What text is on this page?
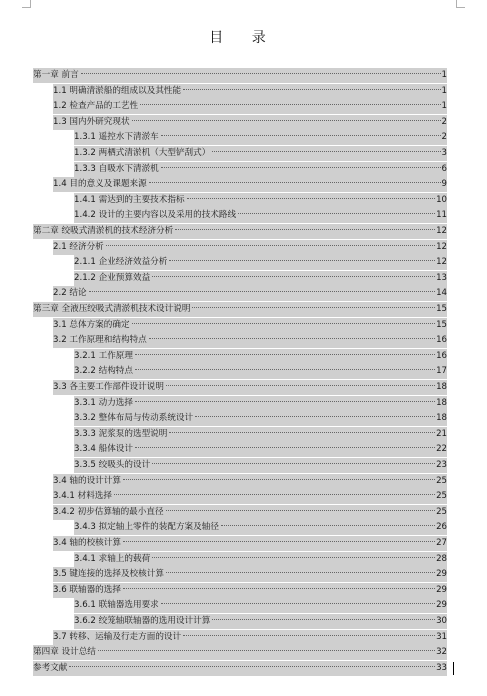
目 录
第一章 前言	1
1.1 明确清淤船的组成以及其性能	1
1.2 检查产品的工艺性	1
1.3 国内外研究现状	2
1.3.1 遥控水下清淤车	2
1.3.2 两栖式清淤机（大型铲刮式）	3
1.3.3 自吸水下清淤机	6
1.4 目的意义及课题来源	9
1.4.1 需达到的主要技术指标	10
1.4.2 设计的主要内容以及采用的技术路线	11
第二章 绞吸式清淤机的技术经济分析	12
2.1 经济分析	12
2.1.1 企业经济效益分析	12
2.1.2 企业预算效益	13
2.2 结论	14
第三章 全液压绞吸式清淤机技术设计说明	15
3.1 总体方案的确定	15
3.2 工作原理和结构特点	16
3.2.1 工作原理	16
3.2.2 结构特点	17
3.3 各主要工作部件设计说明	18
3.3.1 动力选择	18
3.3.2 整体布局与传动系统设计	18
3.3.3 泥浆泵的选型说明	21
3.3.4 船体设计	22
3.3.5 绞吸头的设计	23
3.4 轴的设计计算	25
3.4.1 材料选择	25
3.4.2 初步估算轴的最小直径	25
3.4.3 拟定轴上零件的装配方案及轴径	26
3.4 轴的校核计算	27
3.4.1 求轴上的载荷	28
3.5 键连接的选择及校核计算	29
3.6 联轴器的选择	29
3.6.1 联轴器选用要求	29
3.6.2 绞笼轴联轴器的选用设计计算	30
3.7 转移、运输及行走方面的设计	31
第四章 设计总结	32
参考文献	33
